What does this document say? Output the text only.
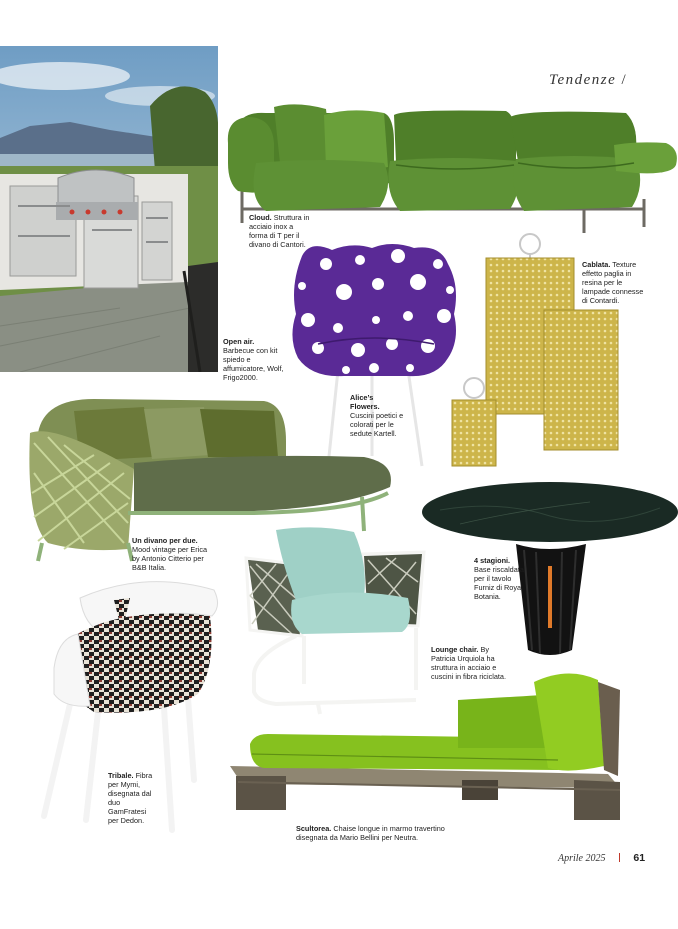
Tendenze /
Open air. Barbecue con kit spiedo e affumicatore, Wolf, Frigo2000.
Cloud. Struttura in acciaio inox a forma di T per il divano di Cantori.
Alice’s Flowers. Cuscini poetici e colorati per le sedute Kartell.
Cablata. Texture effetto paglia in resina per le lampade connesse di Contardi.
Un divano per due. Mood vintage per Erica by Antonio Citterio per B&B Italia.
4 stagioni. Base riscaldata per il tavolo Furniz di Royal Botania.
Lounge chair. By Patricia Urquiola ha struttura in acciaio e cuscini in fibra riciclata.
Tribale. Fibra per Mymi, disegnata dal duo GamFratesi per Dedon.
Scultorea. Chaise longue in marmo travertino disegnata da Mario Bellini per Neutra.
Aprile 2025	61
